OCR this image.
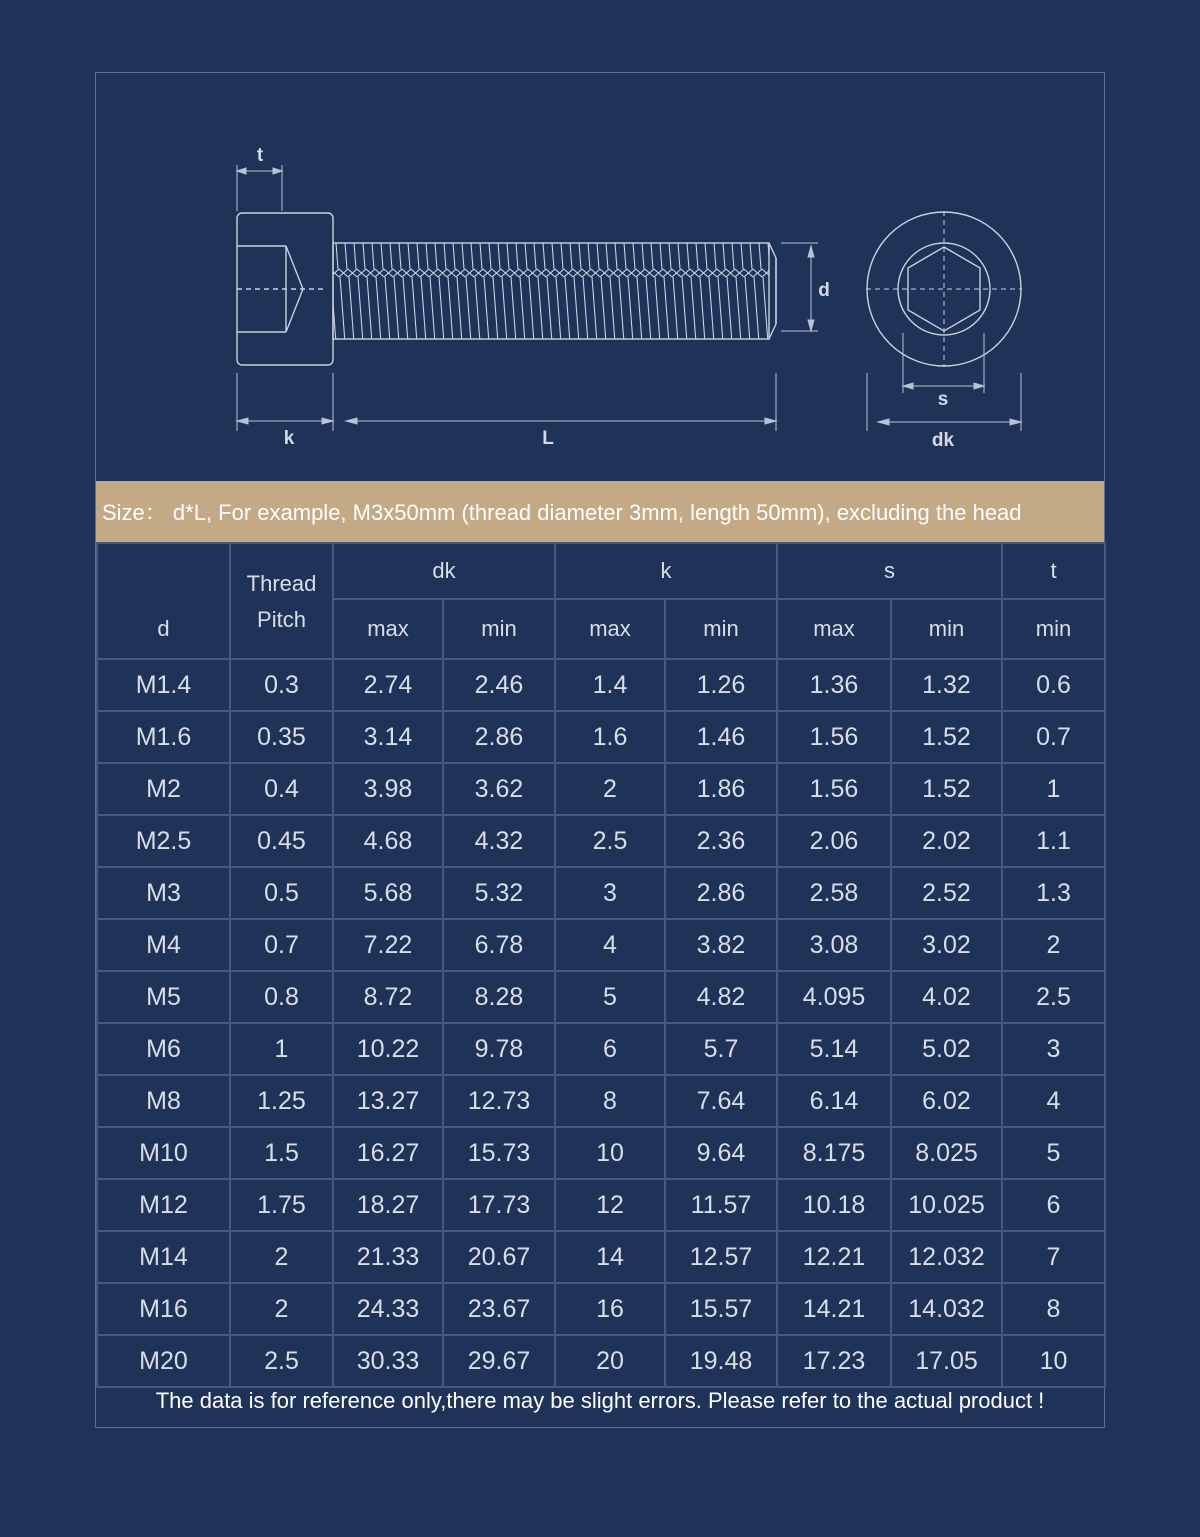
t
k	L
d
s
dk
Size： d*L, For example, M3x50mm (thread diameter 3mm, length 50mm), excluding the head
	Thread	dk		k		s		t
d	Pitch	max	min	max	min	max	min	min
M1.4	0.3	2.74	2.46	1.4	1.26	1.36	1.32	0.6
M1.6	0.35	3.14	2.86	1.6	1.46	1.56	1.52	0.7
M2	0.4	3.98	3.62	2	1.86	1.56	1.52	1
M2.5	0.45	4.68	4.32	2.5	2.36	2.06	2.02	1.1
M3	0.5	5.68	5.32	3	2.86	2.58	2.52	1.3
M4	0.7	7.22	6.78	4	3.82	3.08	3.02	2
M5	0.8	8.72	8.28	5	4.82	4.095	4.02	2.5
M6	1	10.22	9.78	6	5.7	5.14	5.02	3
M8	1.25	13.27	12.73	8	7.64	6.14	6.02	4
M10	1.5	16.27	15.73	10	9.64	8.175	8.025	5
M12	1.75	18.27	17.73	12	11.57	10.18	10.025	6
M14	2	21.33	20.67	14	12.57	12.21	12.032	7
M16	2	24.33	23.67	16	15.57	14.21	14.032	8
M20	2.5	30.33	29.67	20	19.48	17.23	17.05	10
The data is for reference only,there may be slight errors. Please refer to the actual product !
